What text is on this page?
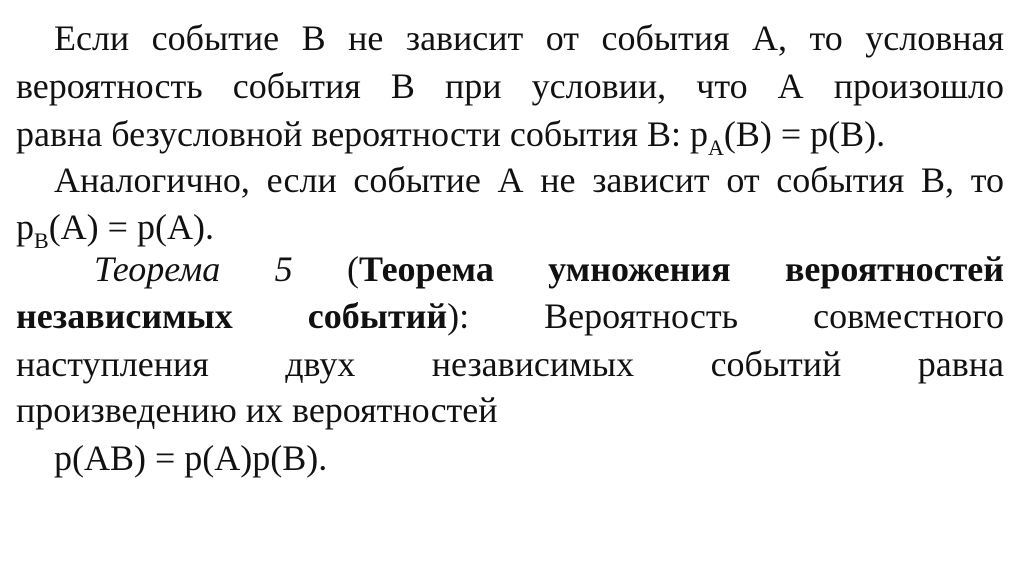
Если событие В не зависит от события А, то условная
вероятность события В при условии, что А произошло
равна безусловной вероятности события В: $p_A(B) = p(B)$.
Аналогично, если событие А не зависит от события В, то
$p_B(A) = p(A)$.
Теорема 5 (Теорема умножения вероятностей
независимых событий): Вероятность совместного
наступления двух независимых событий равна
произведению их вероятностей
p(AB) = p(A)p(B).
